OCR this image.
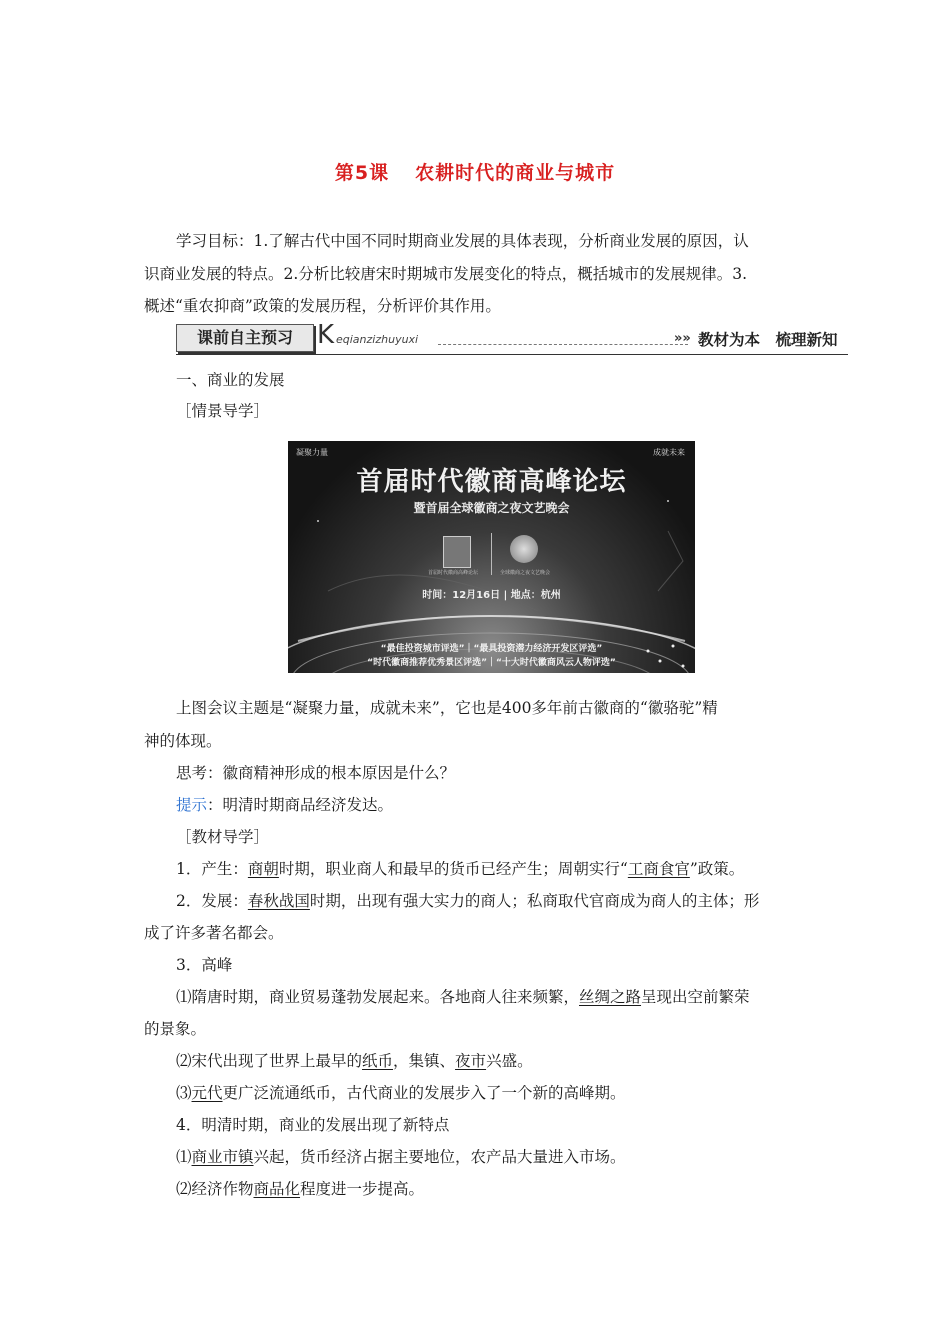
第5课 农耕时代的商业与城市
学习目标：1.了解古代中国不同时期商业发展的具体表现，分析商业发展的原因，认
识商业发展的特点。2.分析比较唐宋时期城市发展变化的特点，概括城市的发展规律。3.
概述“重农抑商”政策的发展历程，分析评价其作用。
课前自主预习 K eqianzizhuyuxi	»» 教材为本　梳理新知
一、商业的发展
［情景导学］
凝聚力量	成就未来
首届时代徽商高峰论坛
暨首届全球徽商之夜文艺晚会
首届时代徽商高峰论坛	全球徽商之夜文艺晚会
时间：12月16日 | 地点：杭州
“最佳投资城市评选”｜“最具投资潜力经济开发区评选”
“时代徽商推荐优秀景区评选”｜“十大时代徽商风云人物评选”
上图会议主题是“凝聚力量，成就未来”，它也是400多年前古徽商的“徽骆驼”精
神的体现。
思考：徽商精神形成的根本原因是什么？
提示：明清时期商品经济发达。
［教材导学］
1．产生：商朝时期，职业商人和最早的货币已经产生；周朝实行“工商食官”政策。
2．发展：春秋战国时期，出现有强大实力的商人；私商取代官商成为商人的主体；形
成了许多著名都会。
3．高峰
⑴隋唐时期，商业贸易蓬勃发展起来。各地商人往来频繁，丝绸之路呈现出空前繁荣
的景象。
⑵宋代出现了世界上最早的纸币，集镇、夜市兴盛。
⑶元代更广泛流通纸币，古代商业的发展步入了一个新的高峰期。
4．明清时期，商业的发展出现了新特点
⑴商业市镇兴起，货币经济占据主要地位，农产品大量进入市场。
⑵经济作物商品化程度进一步提高。
